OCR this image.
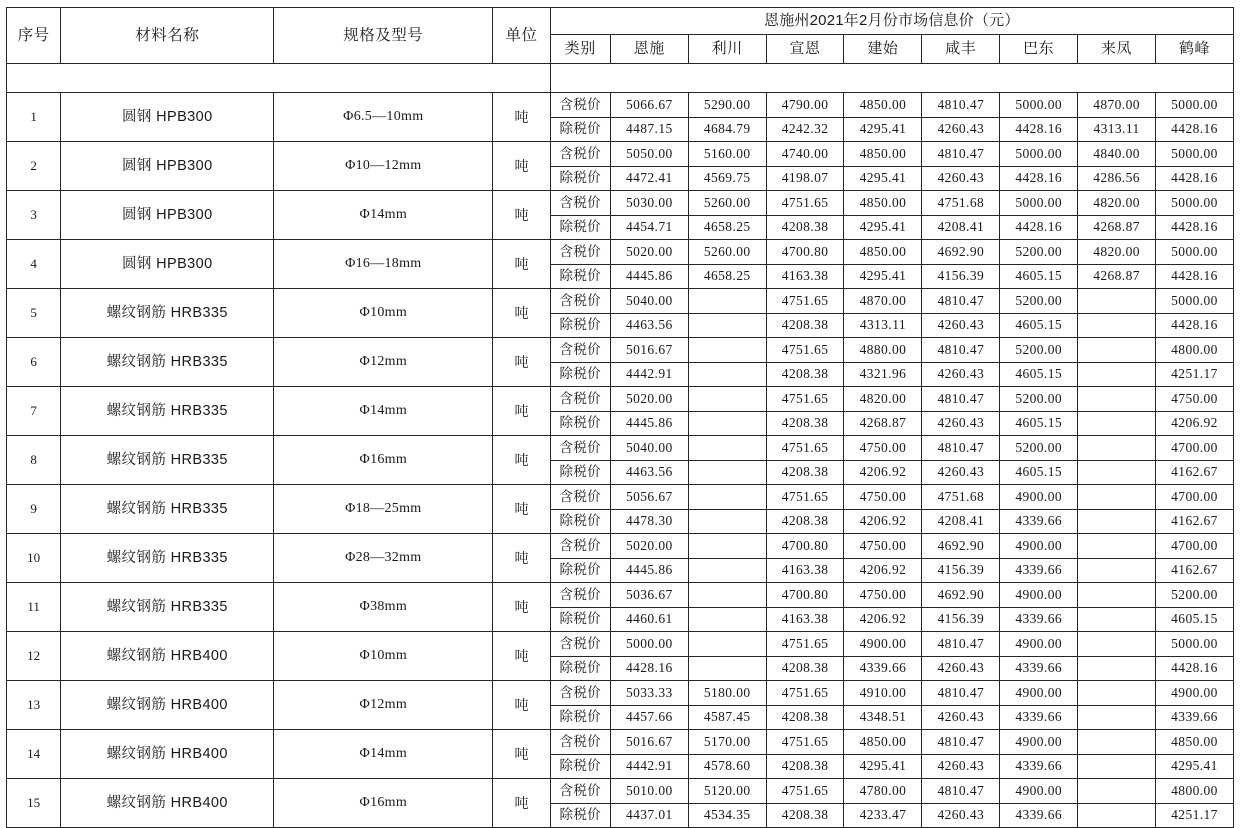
序号	材料名称	规格及型号	单位	恩施州2021年2月份市场信息价（元）								
				类别	恩施	利川	宣恩	建始	咸丰	巴东	来凤	鹤峰

1	圆钢 HPB300	Φ6.5—10mm	吨	含税价	5066.67	5290.00	4790.00	4850.00	4810.47	5000.00	4870.00	5000.00
				除税价	4487.15	4684.79	4242.32	4295.41	4260.43	4428.16	4313.11	4428.16
2	圆钢 HPB300	Φ10—12mm	吨	含税价	5050.00	5160.00	4740.00	4850.00	4810.47	5000.00	4840.00	5000.00
				除税价	4472.41	4569.75	4198.07	4295.41	4260.43	4428.16	4286.56	4428.16
3	圆钢 HPB300	Φ14mm	吨	含税价	5030.00	5260.00	4751.65	4850.00	4751.68	5000.00	4820.00	5000.00
				除税价	4454.71	4658.25	4208.38	4295.41	4208.41	4428.16	4268.87	4428.16
4	圆钢 HPB300	Φ16—18mm	吨	含税价	5020.00	5260.00	4700.80	4850.00	4692.90	5200.00	4820.00	5000.00
				除税价	4445.86	4658.25	4163.38	4295.41	4156.39	4605.15	4268.87	4428.16
5	螺纹钢筋 HRB335	Φ10mm	吨	含税价	5040.00		4751.65	4870.00	4810.47	5200.00		5000.00
				除税价	4463.56		4208.38	4313.11	4260.43	4605.15		4428.16
6	螺纹钢筋 HRB335	Φ12mm	吨	含税价	5016.67		4751.65	4880.00	4810.47	5200.00		4800.00
				除税价	4442.91		4208.38	4321.96	4260.43	4605.15		4251.17
7	螺纹钢筋 HRB335	Φ14mm	吨	含税价	5020.00		4751.65	4820.00	4810.47	5200.00		4750.00
				除税价	4445.86		4208.38	4268.87	4260.43	4605.15		4206.92
8	螺纹钢筋 HRB335	Φ16mm	吨	含税价	5040.00		4751.65	4750.00	4810.47	5200.00		4700.00
				除税价	4463.56		4208.38	4206.92	4260.43	4605.15		4162.67
9	螺纹钢筋 HRB335	Φ18—25mm	吨	含税价	5056.67		4751.65	4750.00	4751.68	4900.00		4700.00
				除税价	4478.30		4208.38	4206.92	4208.41	4339.66		4162.67
10	螺纹钢筋 HRB335	Φ28—32mm	吨	含税价	5020.00		4700.80	4750.00	4692.90	4900.00		4700.00
				除税价	4445.86		4163.38	4206.92	4156.39	4339.66		4162.67
11	螺纹钢筋 HRB335	Φ38mm	吨	含税价	5036.67		4700.80	4750.00	4692.90	4900.00		5200.00
				除税价	4460.61		4163.38	4206.92	4156.39	4339.66		4605.15
12	螺纹钢筋 HRB400	Φ10mm	吨	含税价	5000.00		4751.65	4900.00	4810.47	4900.00		5000.00
				除税价	4428.16		4208.38	4339.66	4260.43	4339.66		4428.16
13	螺纹钢筋 HRB400	Φ12mm	吨	含税价	5033.33	5180.00	4751.65	4910.00	4810.47	4900.00		4900.00
				除税价	4457.66	4587.45	4208.38	4348.51	4260.43	4339.66		4339.66
14	螺纹钢筋 HRB400	Φ14mm	吨	含税价	5016.67	5170.00	4751.65	4850.00	4810.47	4900.00		4850.00
				除税价	4442.91	4578.60	4208.38	4295.41	4260.43	4339.66		4295.41
15	螺纹钢筋 HRB400	Φ16mm	吨	含税价	5010.00	5120.00	4751.65	4780.00	4810.47	4900.00		4800.00
				除税价	4437.01	4534.35	4208.38	4233.47	4260.43	4339.66		4251.17
